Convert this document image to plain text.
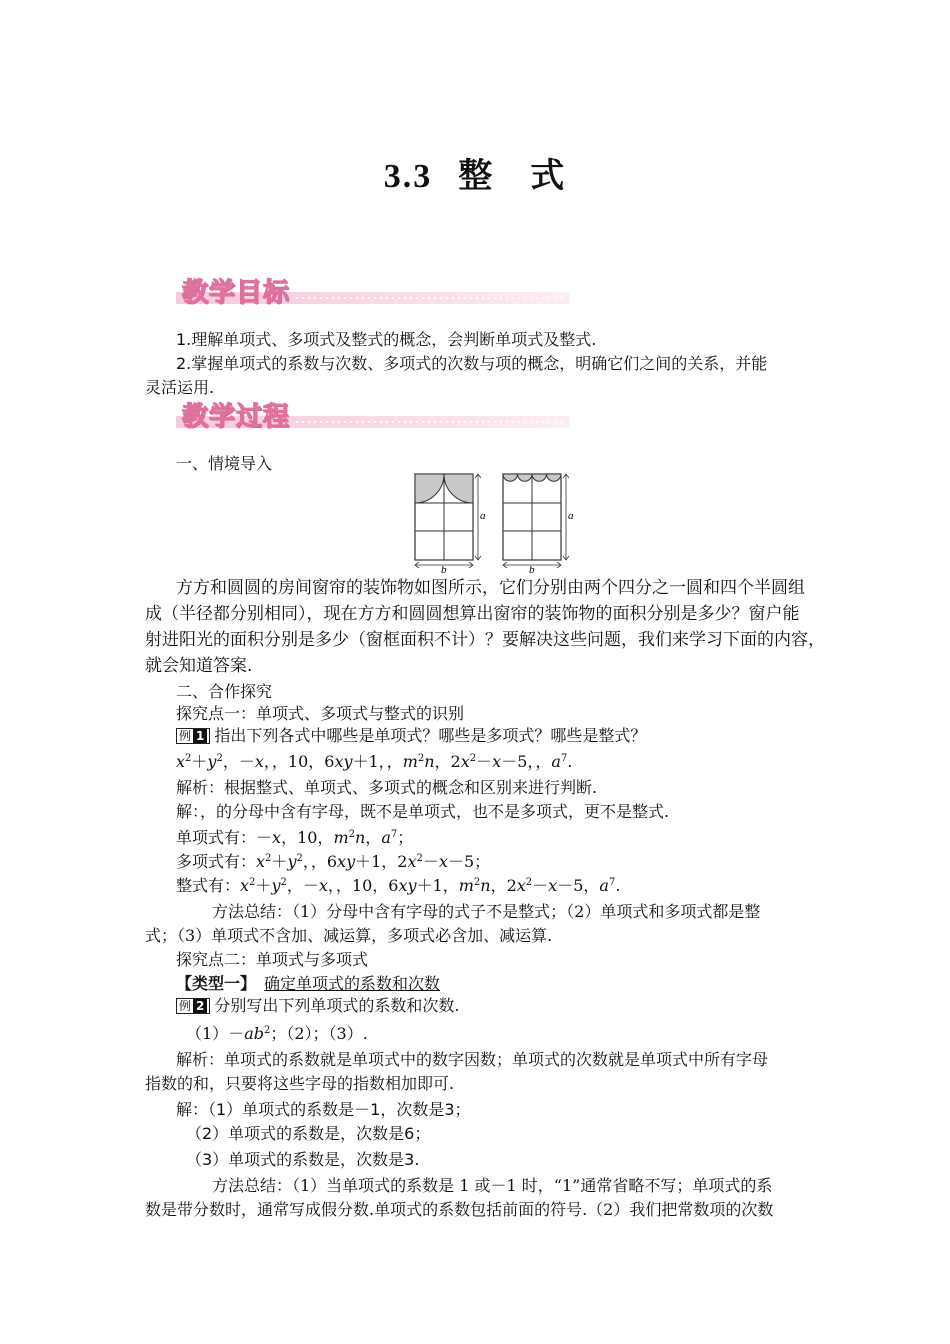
3.3 整　式
教学目标
1.理解单项式、多项式及整式的概念，会判断单项式及整式.
2.掌握单项式的系数与次数、多项式的次数与项的概念，明确它们之间的关系，并能
灵活运用.
教学过程
一、情境导入
a
b
a
b
方方和圆圆的房间窗帘的装饰物如图所示，它们分别由两个四分之一圆和四个半圆组
成（半径都分别相同），现在方方和圆圆想算出窗帘的装饰物的面积分别是多少？窗户能
射进阳光的面积分别是多少（窗框面积不计）？要解决这些问题，我们来学习下面的内容，
就会知道答案.
二、合作探究
探究点一：单项式、多项式与整式的识别
例 1 指出下列各式中哪些是单项式？哪些是多项式？哪些是整式？
$x^2+y^2$，－x，，10，6xy＋1，，$m^2n$，$2x^2-x-5$，，$a^7$.
解析：根据整式、单项式、多项式的概念和区别来进行判断.
解：，的分母中含有字母，既不是单项式，也不是多项式，更不是整式.
单项式有：－x，10，$m^2n$，$a^7$；
多项式有：$x^2+y^2$，，6xy＋1，$2x^2-x-5$；
整式有：$x^2+y^2$，－x，，10，6xy＋1，$m^2n$，$2x^2-x-5$，$a^7$.
方法总结：（1）分母中含有字母的式子不是整式；（2）单项式和多项式都是整
式；（3）单项式不含加、减运算，多项式必含加、减运算.
探究点二：单项式与多项式
【类型一】 确定单项式的系数和次数
例 2 分别写出下列单项式的系数和次数.
$(1)-ab^2$；（2）；（3）.
解析：单项式的系数就是单项式中的数字因数；单项式的次数就是单项式中所有字母
指数的和，只要将这些字母的指数相加即可.
解：（1）单项式的系数是－1，次数是3；
（2）单项式的系数是，次数是6；
（3）单项式的系数是，次数是3.
方法总结：（1）当单项式的系数是 1 或－1 时，“1”通常省略不写；单项式的系
数是带分数时，通常写成假分数.单项式的系数包括前面的符号.（2）我们把常数项的次数
